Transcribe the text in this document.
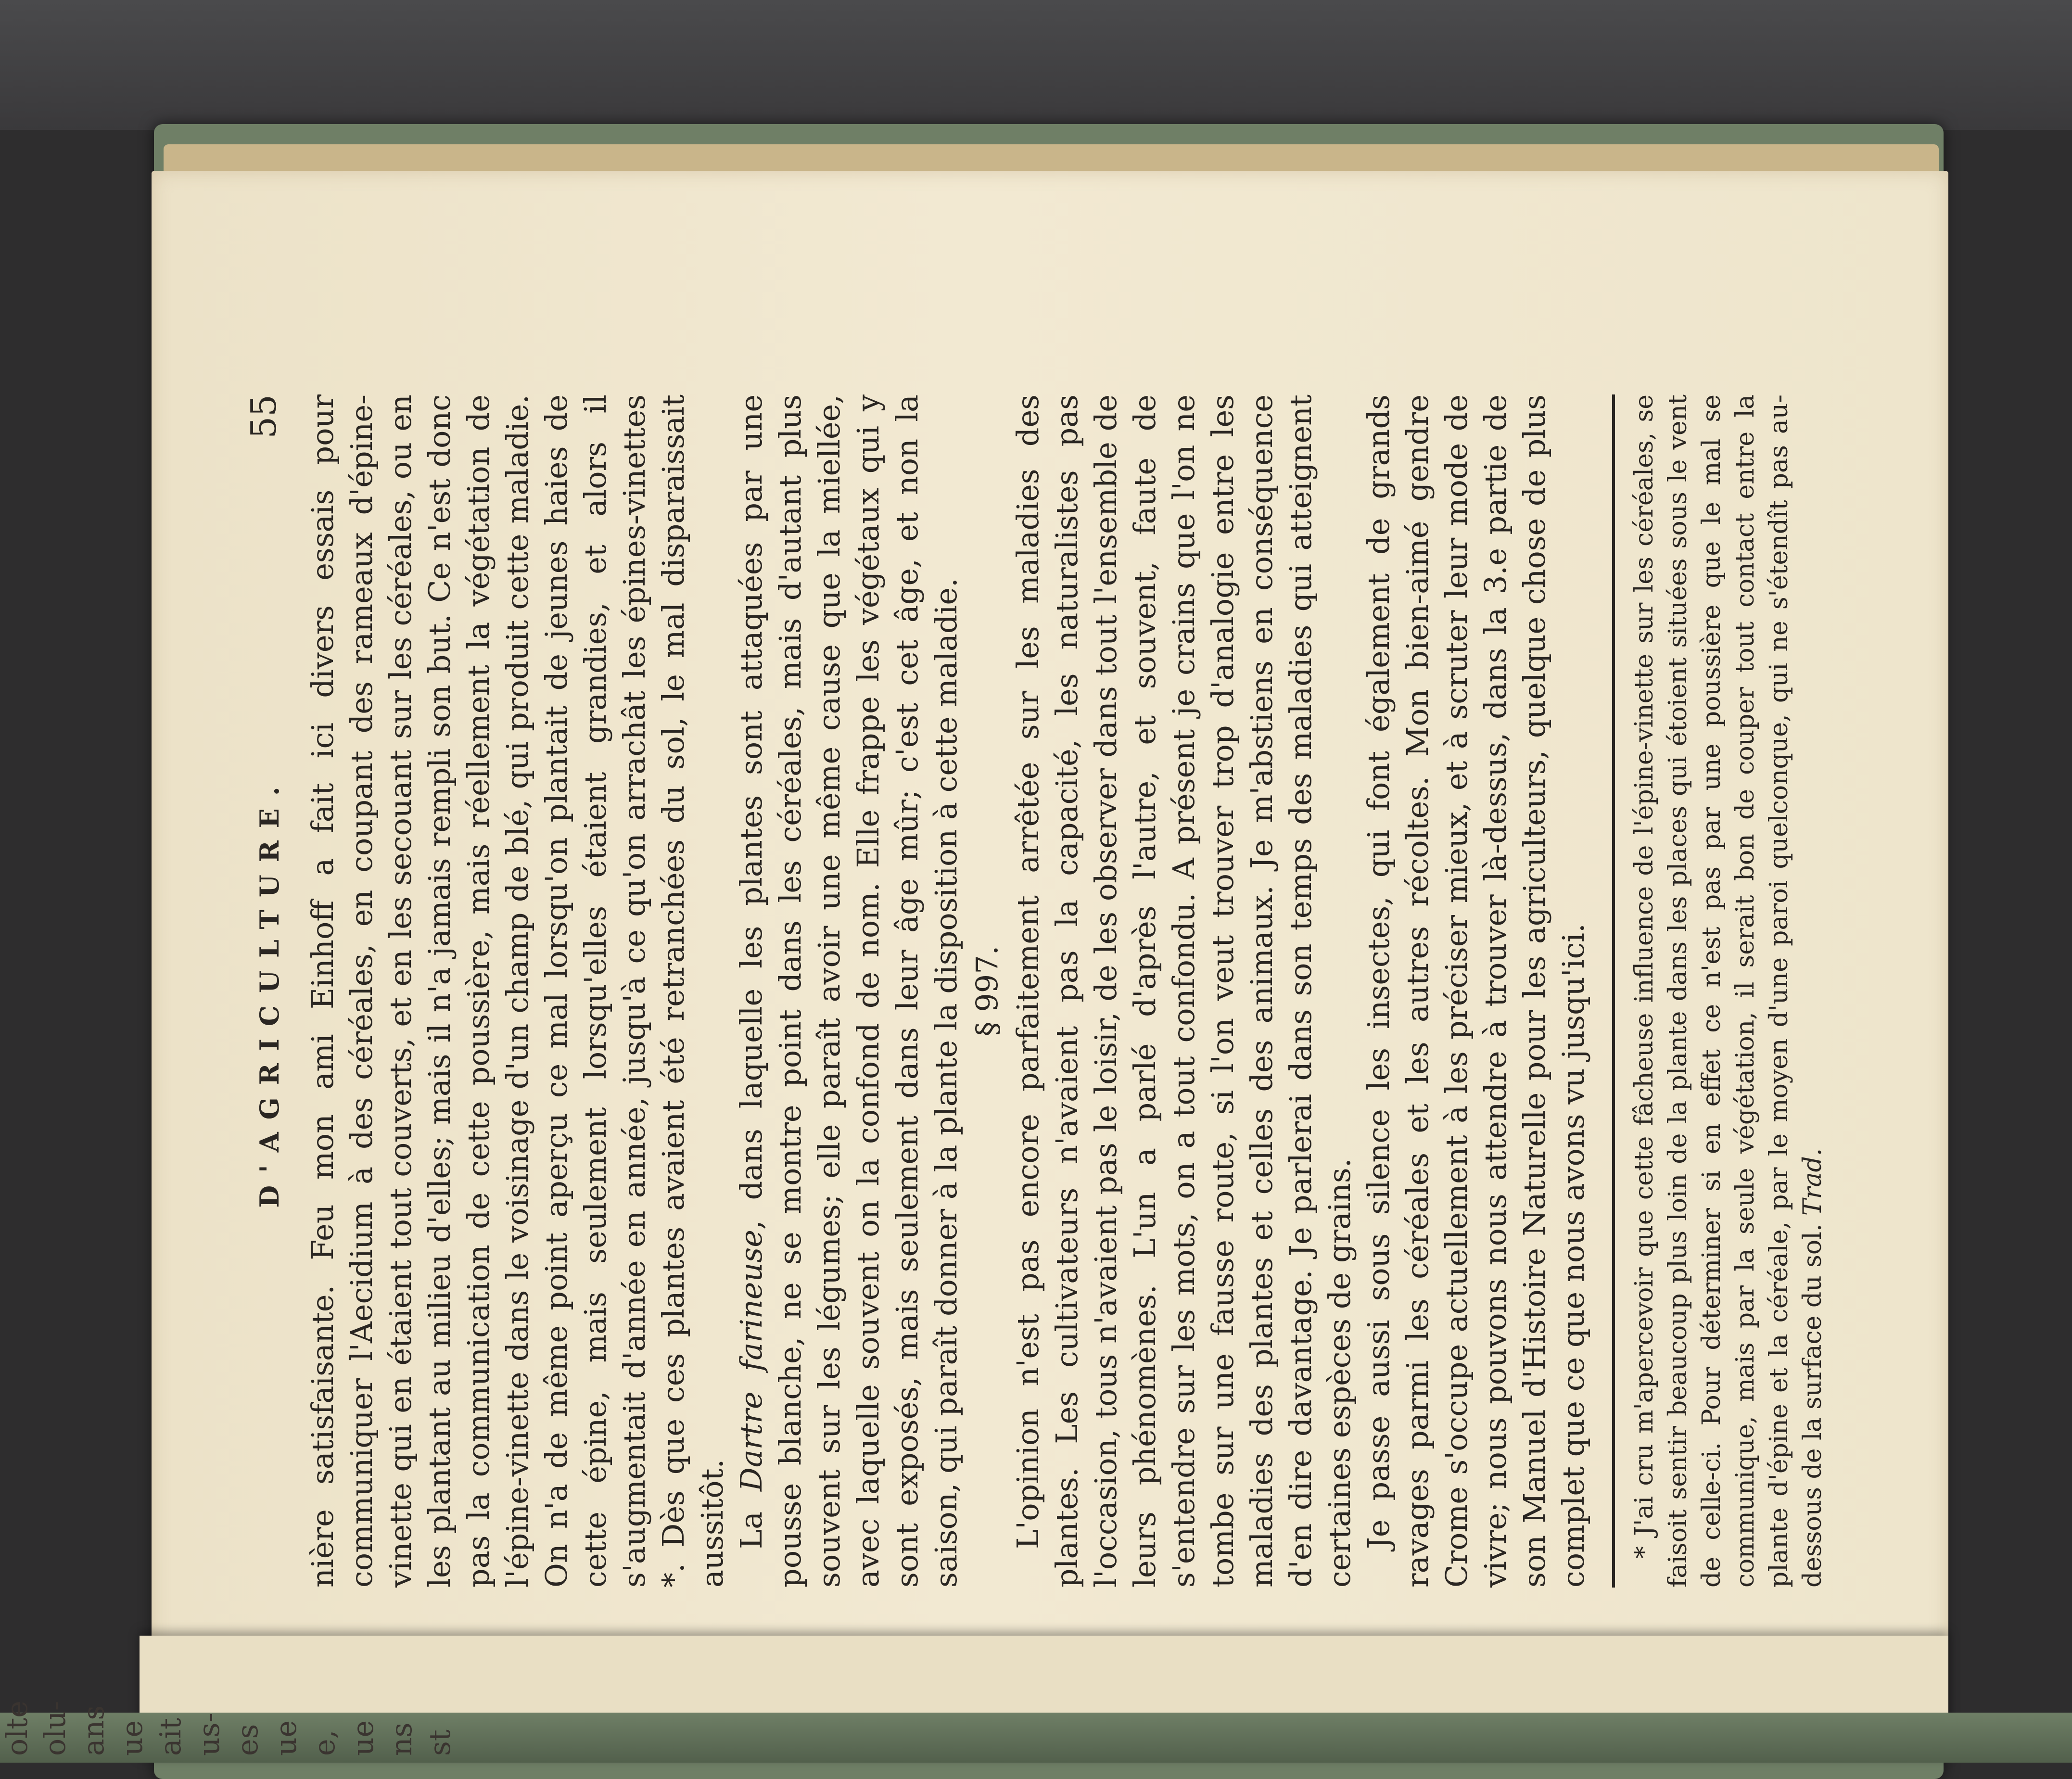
D'AGRICULTURE.
55 nière satisfaisante. Feu mon ami Einhoff a fait ici divers essais pour communiquer l'Aecidium à des céréales, en coupant des rameaux d'épine-vinette qui en étaient tout couverts, et en les secouant sur les céréales, ou en les plantant au milieu d'elles; mais il n'a jamais rempli son but. Ce n'est donc pas la communication de cette poussière, mais réellement la végétation de l'épine-vinette dans le voisinage d'un champ de blé, qui produit cette maladie. On n'a de même point aperçu ce mal lorsqu'on plantait de jeunes haies de cette épine, mais seulement lorsqu'elles étaient grandies, et alors il s'augmentait d'année en année, jusqu'à ce qu'on arrachât les épines-vinettes *. Dès que ces plantes avaient été retranchées du sol, le mal disparaissait aussitôt. La Dartre farineuse, dans laquelle les plantes sont attaquées par une pousse blanche, ne se montre point dans les céréales, mais d'autant plus souvent sur les légumes; elle paraît avoir une même cause que la miellée, avec laquelle souvent on la confond de nom. Elle frappe les végétaux qui y sont exposés, mais seulement dans leur âge mûr; c'est cet âge, et non la saison, qui paraît donner à la plante la disposition à cette maladie. § 997. L'opinion n'est pas encore parfaitement arrêtée sur les maladies des plantes. Les cultivateurs n'avaient pas la capacité, les naturalistes pas l'occasion, tous n'avaient pas le loisir, de les observer dans tout l'ensemble de leurs phénomènes. L'un a parlé d'après l'autre, et souvent, faute de s'entendre sur les mots, on a tout confondu. A présent je crains que l'on ne tombe sur une fausse route, si l'on veut trouver trop d'analogie entre les maladies des plantes et celles des animaux. Je m'abstiens en conséquence d'en dire davantage. Je parlerai dans son temps des maladies qui atteignent certaines espèces de grains. Je passe aussi sous silence les insectes, qui font également de grands ravages parmi les céréales et les autres récoltes. Mon bien-aimé gendre Crome s'occupe actuellement à les préciser mieux, et à scruter leur mode de vivre; nous pouvons nous attendre à trouver là-dessus, dans la 3.e partie de son Manuel d'Histoire Naturelle pour les agriculteurs, quelque chose de plus complet que ce que nous avons vu jusqu'ici. * J'ai cru m'apercevoir que cette fâcheuse influence de l'épine-vinette sur les céréales, se faisoit sentir beaucoup plus loin de la plante dans les places qui étoient situées sous le vent de celle-ci. Pour déterminer si en effet ce n'est pas par une poussière que le mal se communique, mais par la seule végétation, il serait bon de couper tout contact entre la plante d'épine et la céréale, par le moyen d'une paroi quelconque, qui ne s'étendît pas au-dessous de la surface du sol. Trad.

olte olu- ans ue ait us- es ue e, ue ns st
